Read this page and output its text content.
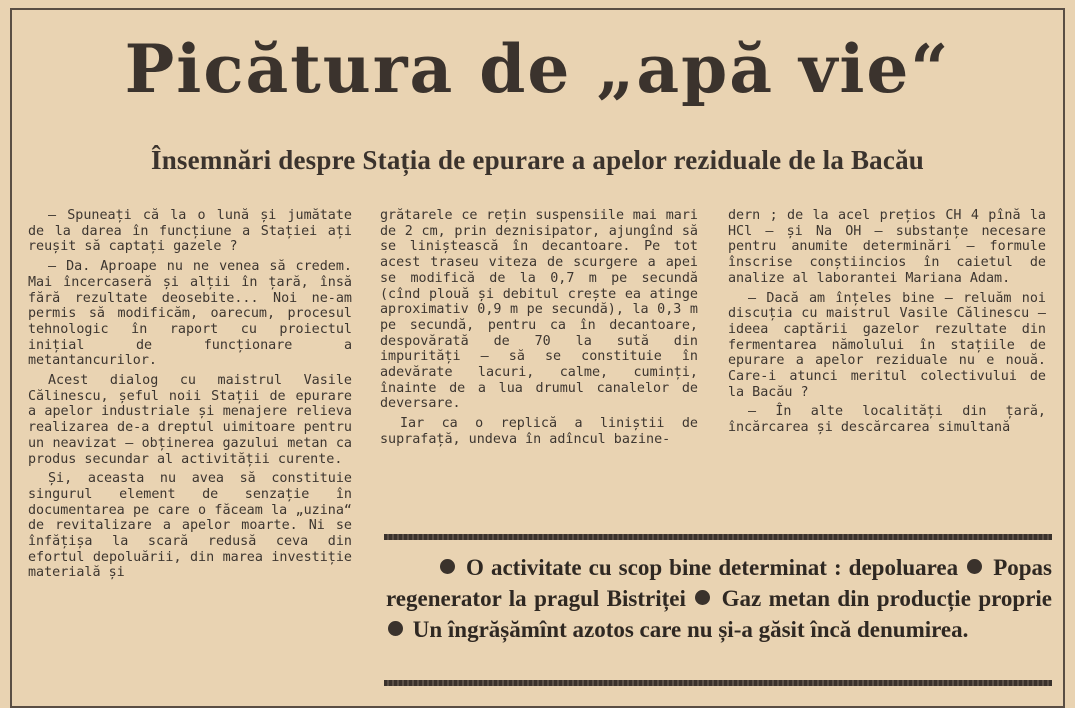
Picătura de „apă vie“
Însemnări despre Stația de epurare a apelor reziduale de la Bacău

— Spuneați că la o lună și jumătate de la darea în funcțiune a Stației ați reușit să captați gazele ?

— Da. Aproape nu ne venea să credem. Mai încercaseră și alții în țară, însă fără rezultate deosebite... Noi ne-am permis să modificăm, oarecum, procesul tehnologic în raport cu proiectul inițial de funcționare a metantancurilor.

Acest dialog cu maistrul Vasile Călinescu, șeful noii Stații de epurare a apelor industriale și menajere relieva realizarea de-a dreptul uimitoare pentru un neavizat — obținerea gazului metan ca produs secundar al activității curente.

Și, aceasta nu avea să constituie singurul element de senzație în documentarea pe care o făceam la „uzina“ de revitalizare a apelor moarte. Ni se înfățișa la scară redusă ceva din efortul depoluării, din marea investiție materială și

grătarele ce rețin suspensiile mai mari de 2 cm, prin deznisipator, ajungînd să se liniștească în decantoare. Pe tot acest traseu viteza de scurgere a apei se modifică de la 0,7 m pe secundă (cînd plouă și debitul crește ea atinge aproximativ 0,9 m pe secundă), la 0,3 m pe secundă, pentru ca în decantoare, despovărată de 70 la sută din impurități — să se constituie în adevărate lacuri, calme, cuminți, înainte de a lua drumul canalelor de deversare.

Iar ca o replică a liniștii de suprafață, undeva în adîncul bazine-

dern ; de la acel prețios CH 4 pînă la HCl — și Na OH — substanțe necesare pentru anumite determinări — formule înscrise conștiincios în caietul de analize al laborantei Mariana Adam.

— Dacă am înțeles bine — reluăm noi discuția cu maistrul Vasile Călinescu — ideea captării gazelor rezultate din fermentarea nămolului în stațiile de epurare a apelor reziduale nu e nouă. Care-i atunci meritul colectivului de la Bacău ?

— În alte localități din țară, încărcarea și descărcarea simultană

O activitate cu scop bine determinat : depoluarea Popas regenerator la pragul Bistriței Gaz metan din producție proprie  Un îngrășămînt azotos care nu și-a găsit încă denumirea.
